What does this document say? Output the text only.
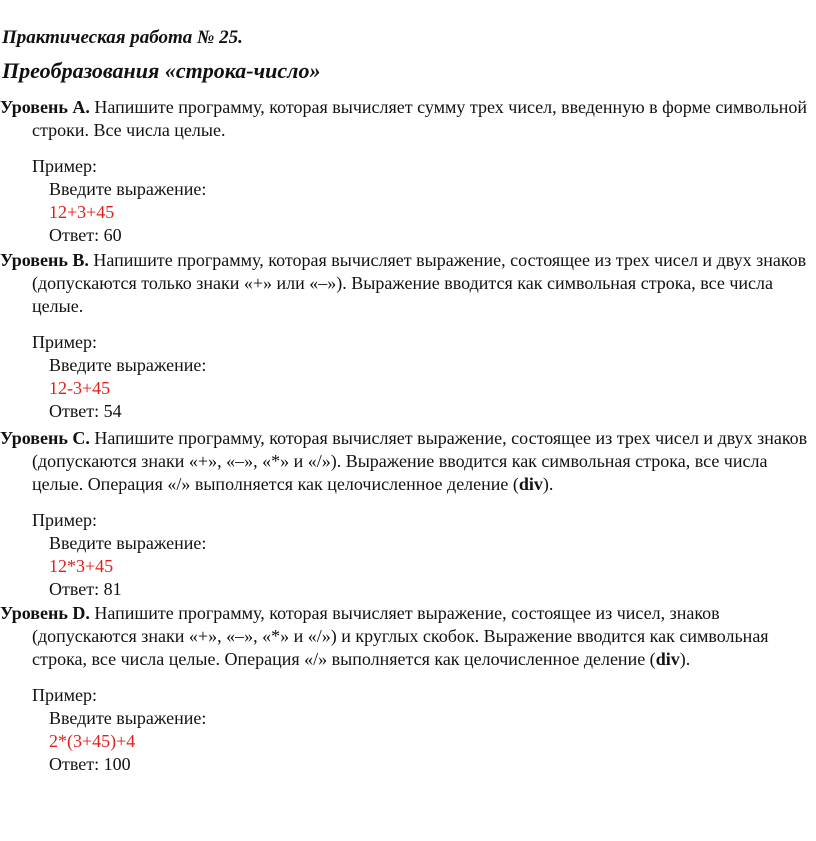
Практическая работа № 25.
Преобразования «строка-число»

Уровень A. Напишите программу, которая вычисляет сумму трех чисел, введенную в форме символьной строки. Все числа целые.

Пример:
Введите выражение:
12+3+45
Ответ: 60

Уровень B. Напишите программу, которая вычисляет выражение, состоящее из трех чисел и двух знаков (допускаются только знаки «+» или «–»). Выражение вводится как символьная строка, все числа целые.

Пример:
Введите выражение:
12-3+45
Ответ: 54

Уровень C. Напишите программу, которая вычисляет выражение, состоящее из трех чисел и двух знаков (допускаются знаки «+», «–», «*» и «/»). Выражение вводится как символьная строка, все числа целые. Операция «/» выполняется как целочисленное деление (div).

Пример:
Введите выражение:
12*3+45
Ответ: 81

Уровень D. Напишите программу, которая вычисляет выражение, состоящее из чисел, знаков (допускаются знаки «+», «–», «*» и «/») и круглых скобок. Выражение вводится как символьная строка, все числа целые. Операция «/» выполняется как целочисленное деление (div).

Пример:
Введите выражение:
2*(3+45)+4
Ответ: 100
